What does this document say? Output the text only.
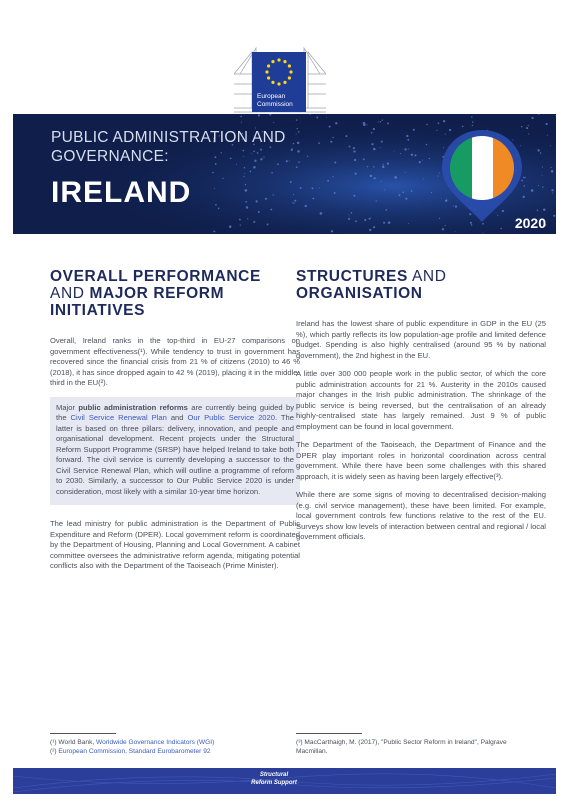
European
Commission
PUBLIC ADMINISTRATION AND
GOVERNANCE:
IRELAND
2020
OVERALL PERFORMANCE
AND MAJOR REFORM
INITIATIVES

Overall, Ireland ranks in the top-third in EU-27 comparisons on government effectiveness(¹). While tendency to trust in government has recovered since the financial crisis from 21 % of citizens (2010) to 46 % (2018), it has since dropped again to 42 % (2019), placing it in the middle-third in the EU(²).

Major public administration reforms are currently being guided by the Civil Service Renewal Plan and Our Public Service 2020. The latter is based on three pillars: delivery, innovation, and people and organisational development. Recent projects under the Structural Reform Support Programme (SRSP) have helped Ireland to take both forward. The civil service is currently developing a successor to the Civil Service Renewal Plan, which will outline a programme of reform to 2030. Similarly, a successor to Our Public Service 2020 is under consideration, most likely with a similar 10-year time horizon.

The lead ministry for public administration is the Department of Public Expenditure and Reform (DPER). Local government reform is coordinated by the Department of Housing, Planning and Local Government. A cabinet committee oversees the administrative reform agenda, mitigating potential conflicts also with the Department of the Taoiseach (Prime Minister).

STRUCTURES AND
ORGANISATION

Ireland has the lowest share of public expenditure in GDP in the EU (25 %), which partly reflects its low population-age profile and limited defence budget. Spending is also highly centralised (around 95 % by national government), the 2nd highest in the EU.

A little over 300 000 people work in the public sector, of which the core public administration accounts for 21 %. Austerity in the 2010s caused major changes in the Irish public administration. The shrinkage of the public service is being reversed, but the centralisation of an already highly-centralised state has largely remained. Just 9 % of public employment can be found in local government.

The Department of the Taoiseach, the Department of Finance and the DPER play important roles in horizontal coordination across central government. While there have been some challenges with this shared approach, it is widely seen as having been largely effective(³).

While there are some signs of moving to decentralised decision-making (e.g. civil service management), these have been limited. For example, local government controls few functions relative to the rest of the EU. Surveys show low levels of interaction between central and regional / local government officials.

(¹) World Bank, Worldwide Governance Indicators (WGI)
(²) European Commission, Standard Eurobarometer 92
(³) MacCarthaigh, M. (2017), "Public Sector Reform in Ireland", Palgrave Macmillan.
Structural
Reform Support
